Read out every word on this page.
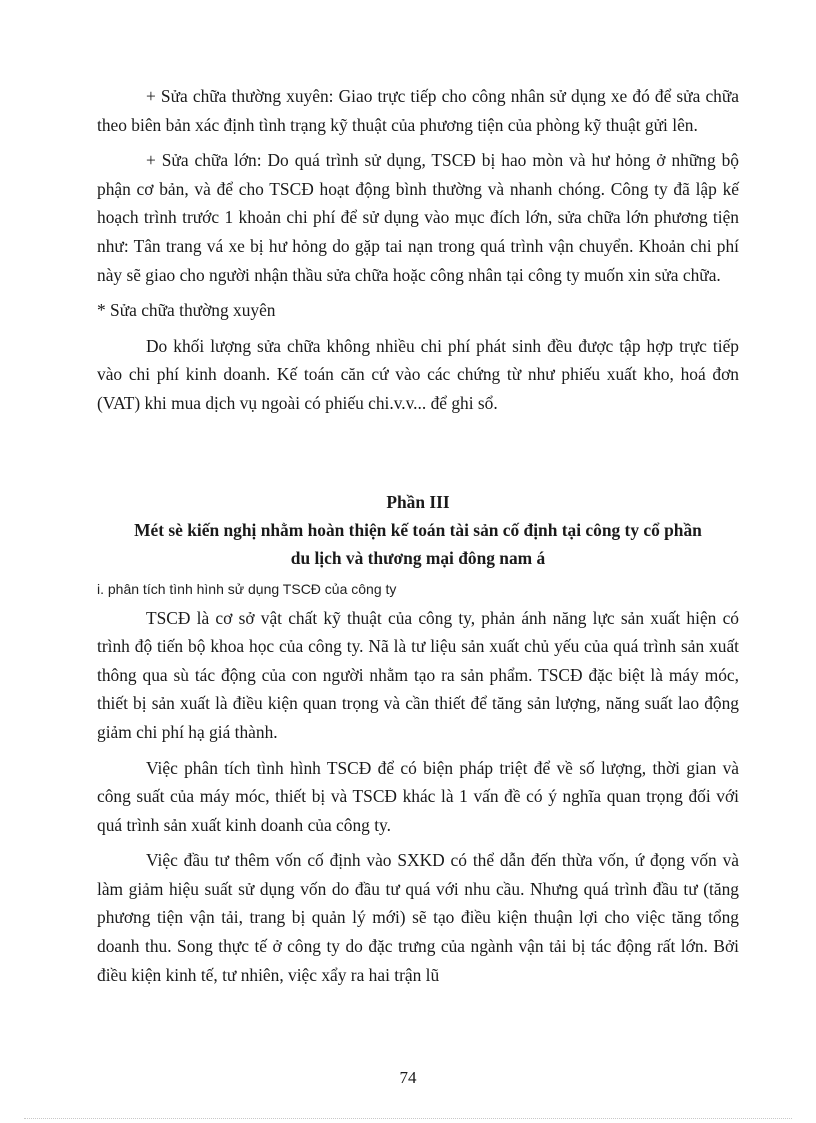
+ Sửa chữa thường xuyên: Giao trực tiếp cho công nhân sử dụng xe đó để sửa chữa theo biên bản xác định tình trạng kỹ thuật của phương tiện của phòng kỹ thuật gửi lên.

+ Sửa chữa lớn: Do quá trình sử dụng, TSCĐ bị hao mòn và hư hỏng ở những bộ phận cơ bản, và để cho TSCĐ hoạt động bình thường và nhanh chóng. Công ty đã lập kế hoạch trình trước 1 khoản chi phí để sử dụng vào mục đích lớn, sửa chữa lớn phương tiện như: Tân trang vá xe bị hư hỏng do gặp tai nạn trong quá trình vận chuyển. Khoản chi phí này sẽ giao cho người nhận thầu sửa chữa hoặc công nhân tại công ty muốn xin sửa chữa.

* Sửa chữa thường xuyên

Do khối lượng sửa chữa không nhiều chi phí phát sinh đều được tập hợp trực tiếp vào chi phí kinh doanh. Kế toán căn cứ vào các chứng từ như phiếu xuất kho, hoá đơn (VAT) khi mua dịch vụ ngoài có phiếu chi.v.v... để ghi sổ.

Phần III

Mét sè kiến nghị nhằm hoàn thiện kế toán tài sản cố định tại công ty cổ phần

du lịch và thương mại đông nam á

i. phân tích tình hình sử dụng TSCĐ của công ty

TSCĐ là cơ sở vật chất kỹ thuật của công ty, phản ánh năng lực sản xuất hiện có trình độ tiến bộ khoa học của công ty. Nã là tư liệu sản xuất chủ yếu của quá trình sản xuất thông qua sù tác động của con người nhằm tạo ra sản phẩm. TSCĐ đặc biệt là máy móc, thiết bị sản xuất là điều kiện quan trọng và cần thiết để tăng sản lượng, năng suất lao động giảm chi phí hạ giá thành.

Việc phân tích tình hình TSCĐ để có biện pháp triệt để về số lượng, thời gian và công suất của máy móc, thiết bị và TSCĐ khác là 1 vấn đề có ý nghĩa quan trọng đối với quá trình sản xuất kinh doanh của công ty.

Việc đầu tư thêm vốn cố định vào SXKD có thể dẫn đến thừa vốn, ứ đọng vốn và làm giảm hiệu suất sử dụng vốn do đầu tư quá với nhu cầu. Nhưng quá trình đầu tư (tăng phương tiện vận tải, trang bị quản lý mới) sẽ tạo điều kiện thuận lợi cho việc tăng tổng doanh thu. Song thực tế ở công ty do đặc trưng của ngành vận tải bị tác động rất lớn. Bởi điều kiện kinh tế, tư nhiên, việc xẩy ra hai trận lũ

74
